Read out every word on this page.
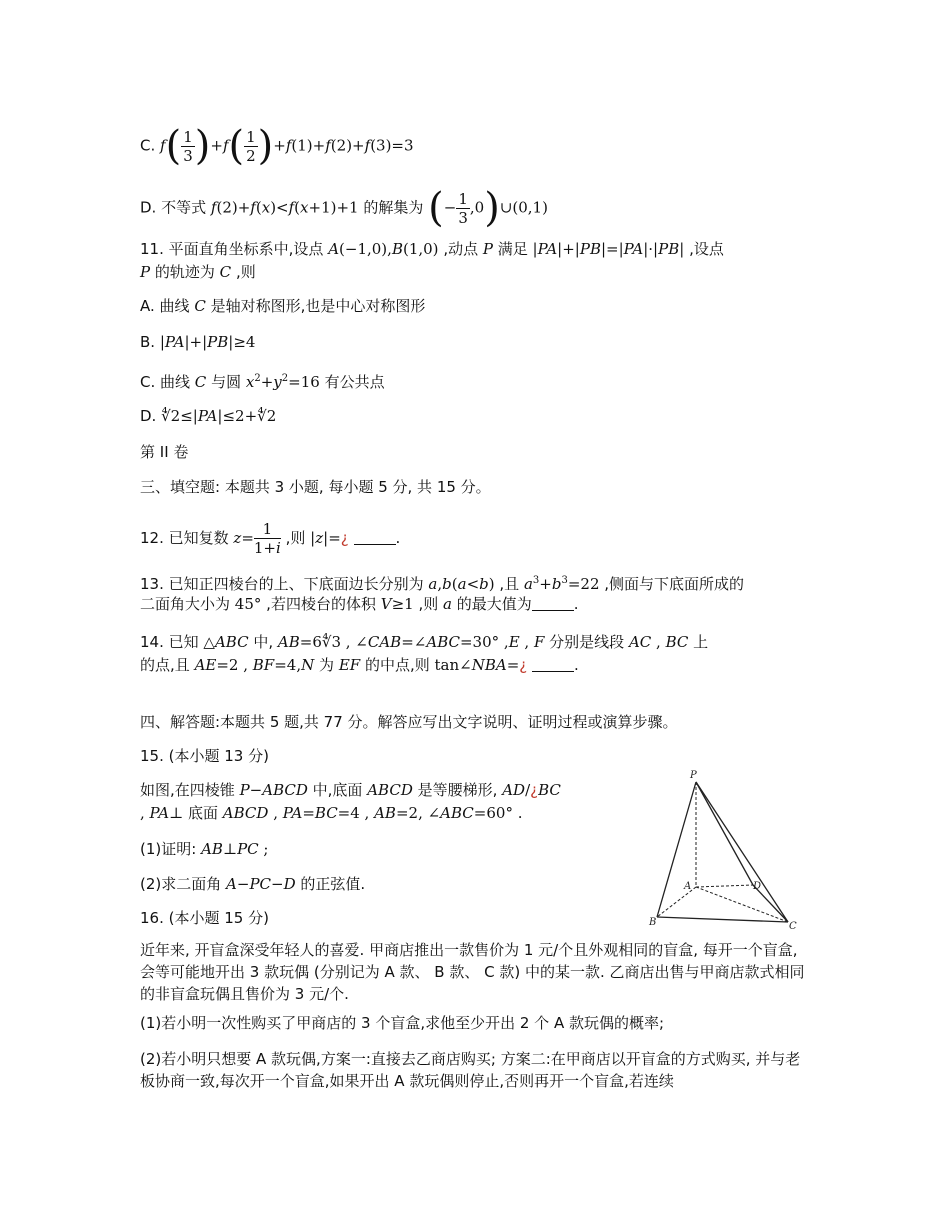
C. $f( \frac{1}{3} )+f( \frac{1}{2} )+f(1)+f(2)+f(3)=3$
D. 不等式 f(2)+f(x)<f(x+1)+1 的解集为 (− $\frac{1}{3}$ ,0)∪(0,1)
11. 平面直角坐标系中,设点 A(−1,0),B(1,0) ,动点 P 满足 |PA|+|PB|=|PA|·|PB| ,设点
P 的轨迹为 C ,则
A. 曲线 C 是轴对称图形,也是中心对称图形
B. |PA|+|PB|≥4
C. 曲线 C 与圆 $x^2+y^2=16$ 有公共点
D. ∜2≤|PA|≤2+∜2
第 II 卷
三、填空题: 本题共 3 小题, 每小题 5 分, 共 15 分。
12. 已知复数 $z= \frac{1}{1+i}$ ,则 |z|=¿	.
13. 已知正四棱台的上、下底面边长分别为 a,b(a<b) ,且 $a^3+b^3=22$ ,侧面与下底面所成的
二面角大小为 45° ,若四棱台的体积 V≥1 ,则 a 的最大值为	.
14. 已知 △ABC 中, AB=6∜3 , ∠CAB=∠ABC=30° ,E , F 分别是线段 AC , BC 上
的点,且 AE=2 , BF=4,N 为 EF 的中点,则 tan∠NBA=¿	.
四、解答题:本题共 5 题,共 77 分。解答应写出文字说明、证明过程或演算步骤。
15. (本小题 13 分)
如图,在四棱锥 P−ABCD 中,底面 ABCD 是等腰梯形, AD/¿BC
, PA⊥ 底面 ABCD , PA=BC=4 , AB=2, ∠ABC=60° .
(1)证明: AB⊥PC ;
(2)求二面角 A−PC−D 的正弦值.
P
A
B	C
D
16. (本小题 15 分)
近年来, 开盲盒深受年轻人的喜爱. 甲商店推出一款售价为 1 元/个且外观相同的盲盒, 每开一个盲盒, 会等可能地开出 3 款玩偶 (分别记为 A 款、 B 款、 C 款) 中的某一款. 乙商店出售与甲商店款式相同的非盲盒玩偶且售价为 3 元/个.
(1)若小明一次性购买了甲商店的 3 个盲盒,求他至少开出 2 个 A 款玩偶的概率;
(2)若小明只想要 A 款玩偶,方案一:直接去乙商店购买; 方案二:在甲商店以开盲盒的方式购买, 并与老板协商一致,每次开一个盲盒,如果开出 A 款玩偶则停止,否则再开一个盲盒,若连续
